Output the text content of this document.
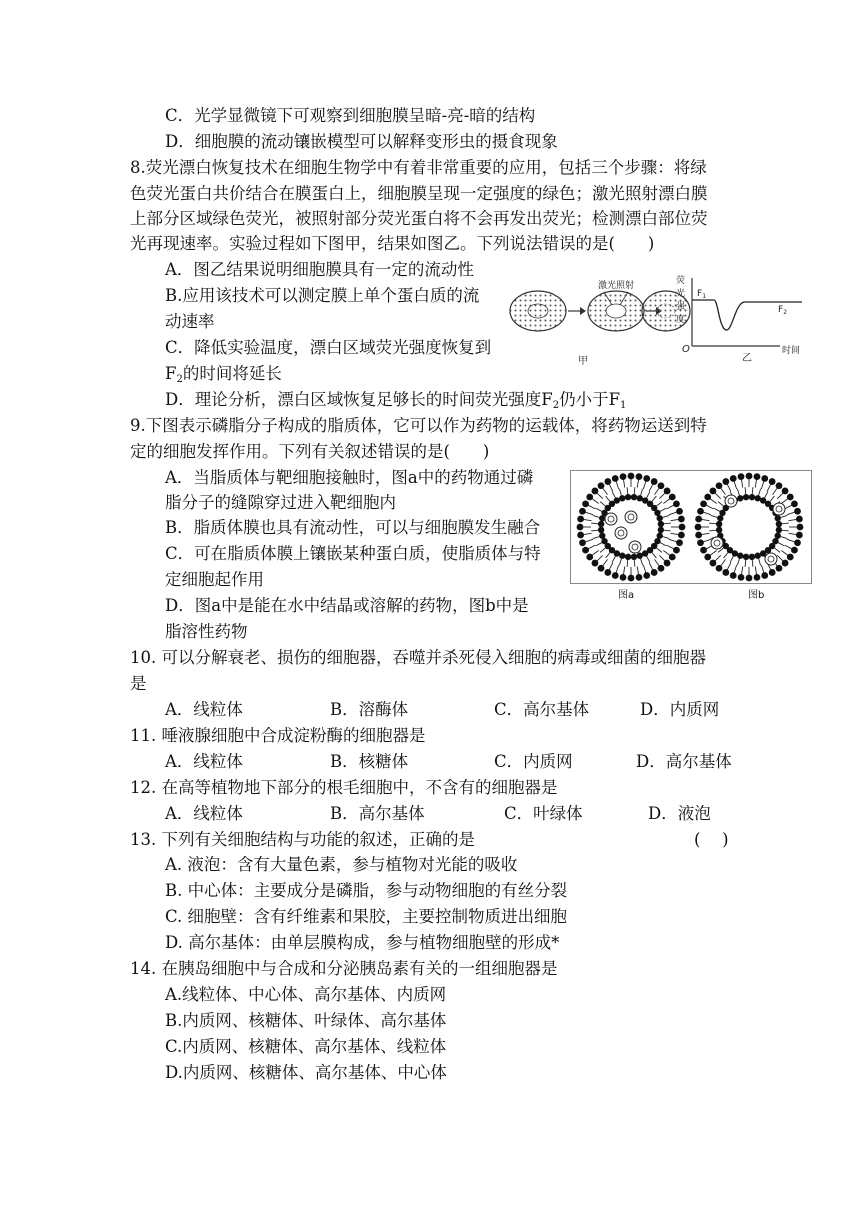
C．光学显微镜下可观察到细胞膜呈暗-亮-暗的结构
D．细胞膜的流动镶嵌模型可以解释变形虫的摄食现象
8.荧光漂白恢复技术在细胞生物学中有着非常重要的应用，包括三个步骤：将绿
色荧光蛋白共价结合在膜蛋白上，细胞膜呈现一定强度的绿色；激光照射漂白膜
上部分区域绿色荧光，被照射部分荧光蛋白将不会再发出荧光；检测漂白部位荧
光再现速率。实验过程如下图甲，结果如图乙。下列说法错误的是(　　)
A．图乙结果说明细胞膜具有一定的流动性
B.应用该技术可以测定膜上单个蛋白质的流
动速率
C．降低实验温度，漂白区域荧光强度恢复到
$F_2$的时间将延长
D．理论分析，漂白区域恢复足够长的时间荧光强度$F_2$仍小于$F_1$
激光照射
甲
荧
光
强
度
$F_1$
$F_2$
O	时间
乙
9.下图表示磷脂分子构成的脂质体，它可以作为药物的运载体，将药物运送到特
定的细胞发挥作用。下列有关叙述错误的是(　　)
A．当脂质体与靶细胞接触时，图a中的药物通过磷
脂分子的缝隙穿过进入靶细胞内
B．脂质体膜也具有流动性，可以与细胞膜发生融合
C．可在脂质体膜上镶嵌某种蛋白质，使脂质体与特
定细胞起作用
D．图a中是能在水中结晶或溶解的药物，图b中是
脂溶性药物
图a	图b
10. 可以分解衰老、损伤的细胞器，吞噬并杀死侵入细胞的病毒或细菌的细胞器
是
A．线粒体	B．溶酶体	C．高尔基体	D．内质网
11. 唾液腺细胞中合成淀粉酶的细胞器是
A．线粒体	B．核糖体	C．内质网	D．高尔基体
12. 在高等植物地下部分的根毛细胞中，不含有的细胞器是
A．线粒体	B．高尔基体	C．叶绿体	D．液泡
13. 下列有关细胞结构与功能的叙述，正确的是	(　 )
A. 液泡：含有大量色素，参与植物对光能的吸收
B. 中心体：主要成分是磷脂，参与动物细胞的有丝分裂
C. 细胞壁：含有纤维素和果胶，主要控制物质进出细胞
D. 高尔基体：由单层膜构成，参与植物细胞壁的形成*
14. 在胰岛细胞中与合成和分泌胰岛素有关的一组细胞器是
A.线粒体、中心体、高尔基体、内质网
B.内质网、核糖体、叶绿体、高尔基体
C.内质网、核糖体、高尔基体、线粒体
D.内质网、核糖体、高尔基体、中心体
